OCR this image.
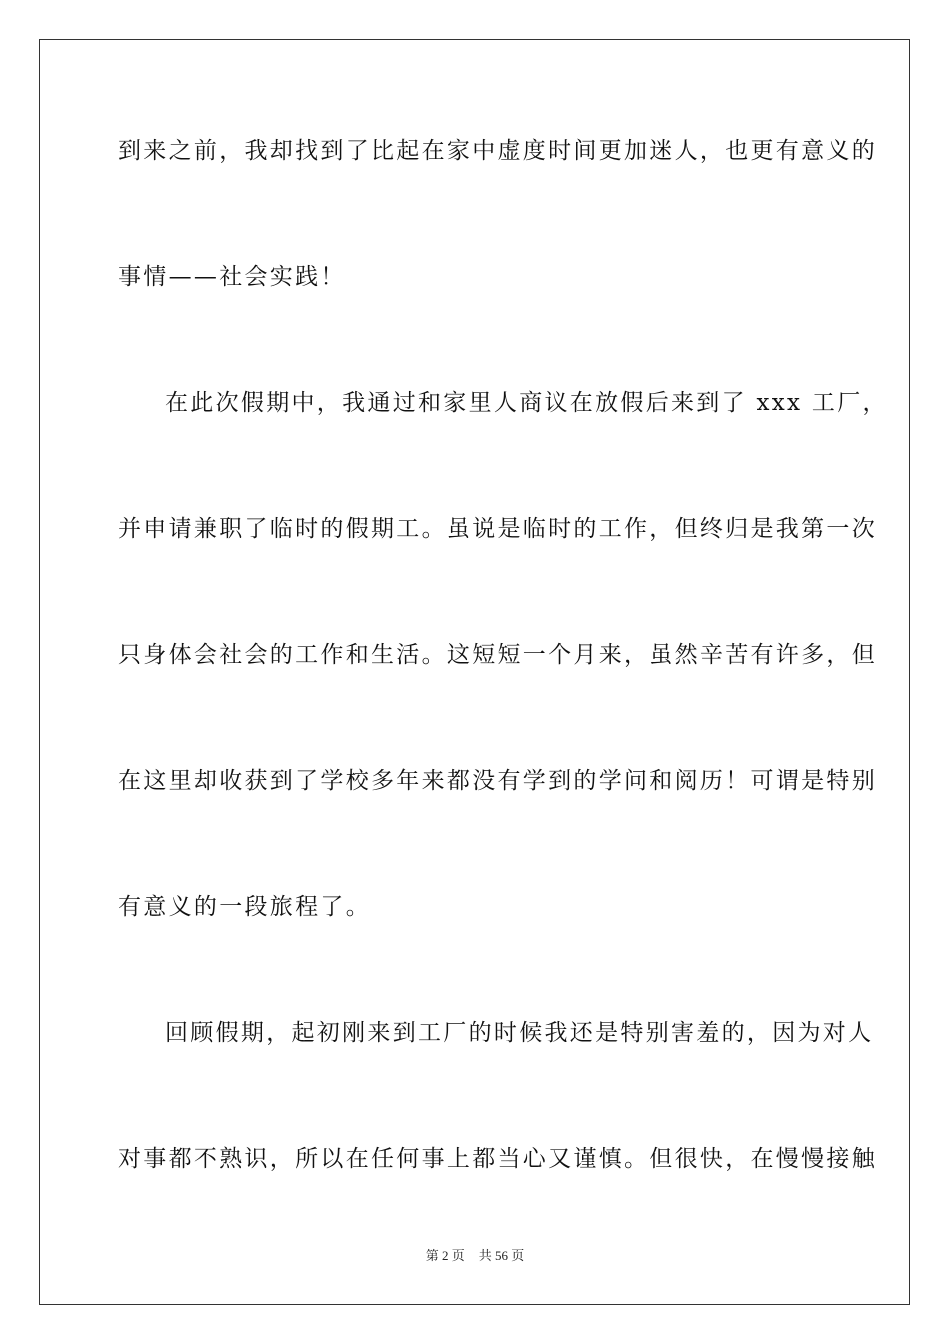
到来之前，我却找到了比起在家中虚度时间更加迷人，也更有意义的
事情——社会实践！
在此次假期中，我通过和家里人商议在放假后来到了 xxx 工厂，
并申请兼职了临时的假期工。虽说是临时的工作，但终归是我第一次
只身体会社会的工作和生活。这短短一个月来，虽然辛苦有许多，但
在这里却收获到了学校多年来都没有学到的学问和阅历！可谓是特别
有意义的一段旅程了。
回顾假期，起初刚来到工厂的时候我还是特别害羞的，因为对人
对事都不熟识，所以在任何事上都当心又谨慎。但很快，在慢慢接触
第 2 页 共 56 页
